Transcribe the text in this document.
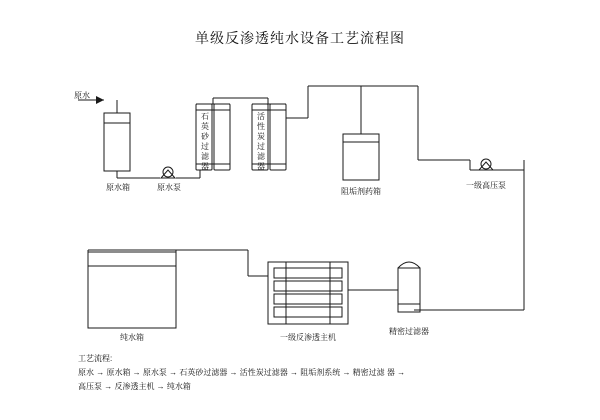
单级反渗透纯水设备工艺流程图
石英砂过滤器
活性炭过滤器
原水
原水箱	原水泵	阻垢剂药箱
一级高压泵
纯水箱	一级反渗透主机
精密过滤器
工艺流程:
原水 → 原水箱 → 原水泵 → 石英砂过滤器 → 活性炭过滤器 → 阻垢剂系统 → 精密过滤 器 → 高压泵 → 反渗透主机 → 纯水箱
